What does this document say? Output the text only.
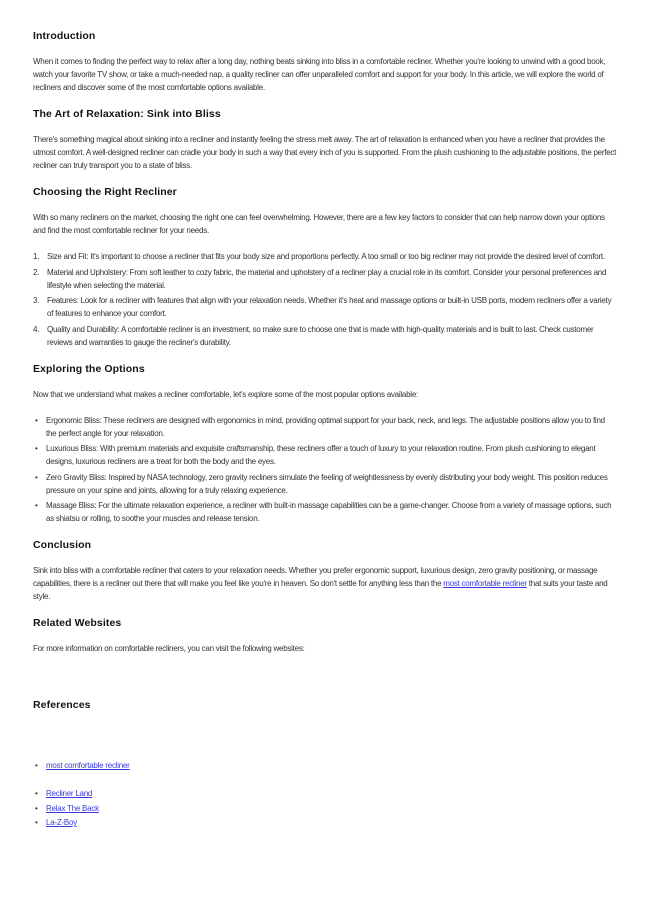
Introduction

When it comes to finding the perfect way to relax after a long day, nothing beats sinking into bliss in a comfortable recliner. Whether you're looking to unwind with a good book, watch your favorite TV show, or take a much-needed nap, a quality recliner can offer unparalleled comfort and support for your body. In this article, we will explore the world of recliners and discover some of the most comfortable options available.

The Art of Relaxation: Sink into Bliss

There's something magical about sinking into a recliner and instantly feeling the stress melt away. The art of relaxation is enhanced when you have a recliner that provides the utmost comfort. A well-designed recliner can cradle your body in such a way that every inch of you is supported. From the plush cushioning to the adjustable positions, the perfect recliner can truly transport you to a state of bliss.

Choosing the Right Recliner

With so many recliners on the market, choosing the right one can feel overwhelming. However, there are a few key factors to consider that can help narrow down your options and find the most comfortable recliner for your needs.

1. Size and Fit: It's important to choose a recliner that fits your body size and proportions perfectly. A too small or too big recliner may not provide the desired level of comfort.
2. Material and Upholstery: From soft leather to cozy fabric, the material and upholstery of a recliner play a crucial role in its comfort. Consider your personal preferences and lifestyle when selecting the material.
3. Features: Look for a recliner with features that align with your relaxation needs. Whether it's heat and massage options or built-in USB ports, modern recliners offer a variety of features to enhance your comfort.
4. Quality and Durability: A comfortable recliner is an investment, so make sure to choose one that is made with high-quality materials and is built to last. Check customer reviews and warranties to gauge the recliner's durability.
Exploring the Options

Now that we understand what makes a recliner comfortable, let's explore some of the most popular options available:

•	Ergonomic Bliss: These recliners are designed with ergonomics in mind, providing optimal support for your back, neck, and legs. The adjustable positions allow you to find the perfect angle for your relaxation.
•	Luxurious Bliss: With premium materials and exquisite craftsmanship, these recliners offer a touch of luxury to your relaxation routine. From plush cushioning to elegant designs, luxurious recliners are a treat for both the body and the eyes.
•	Zero Gravity Bliss: Inspired by NASA technology, zero gravity recliners simulate the feeling of weightlessness by evenly distributing your body weight. This position reduces pressure on your spine and joints, allowing for a truly relaxing experience.
•	Massage Bliss: For the ultimate relaxation experience, a recliner with built-in massage capabilities can be a game-changer. Choose from a variety of massage options, such as shiatsu or rolling, to soothe your muscles and release tension.
Conclusion

Sink into bliss with a comfortable recliner that caters to your relaxation needs. Whether you prefer ergonomic support, luxurious design, zero gravity positioning, or massage capabilities, there is a recliner out there that will make you feel like you're in heaven. So don't settle for anything less than the most comfortable recliner that suits your taste and style.

Related Websites

For more information on comfortable recliners, you can visit the following websites:

References
•	most comfortable recliner
•	Recliner Land
•	Relax The Back
•	La-Z-Boy
